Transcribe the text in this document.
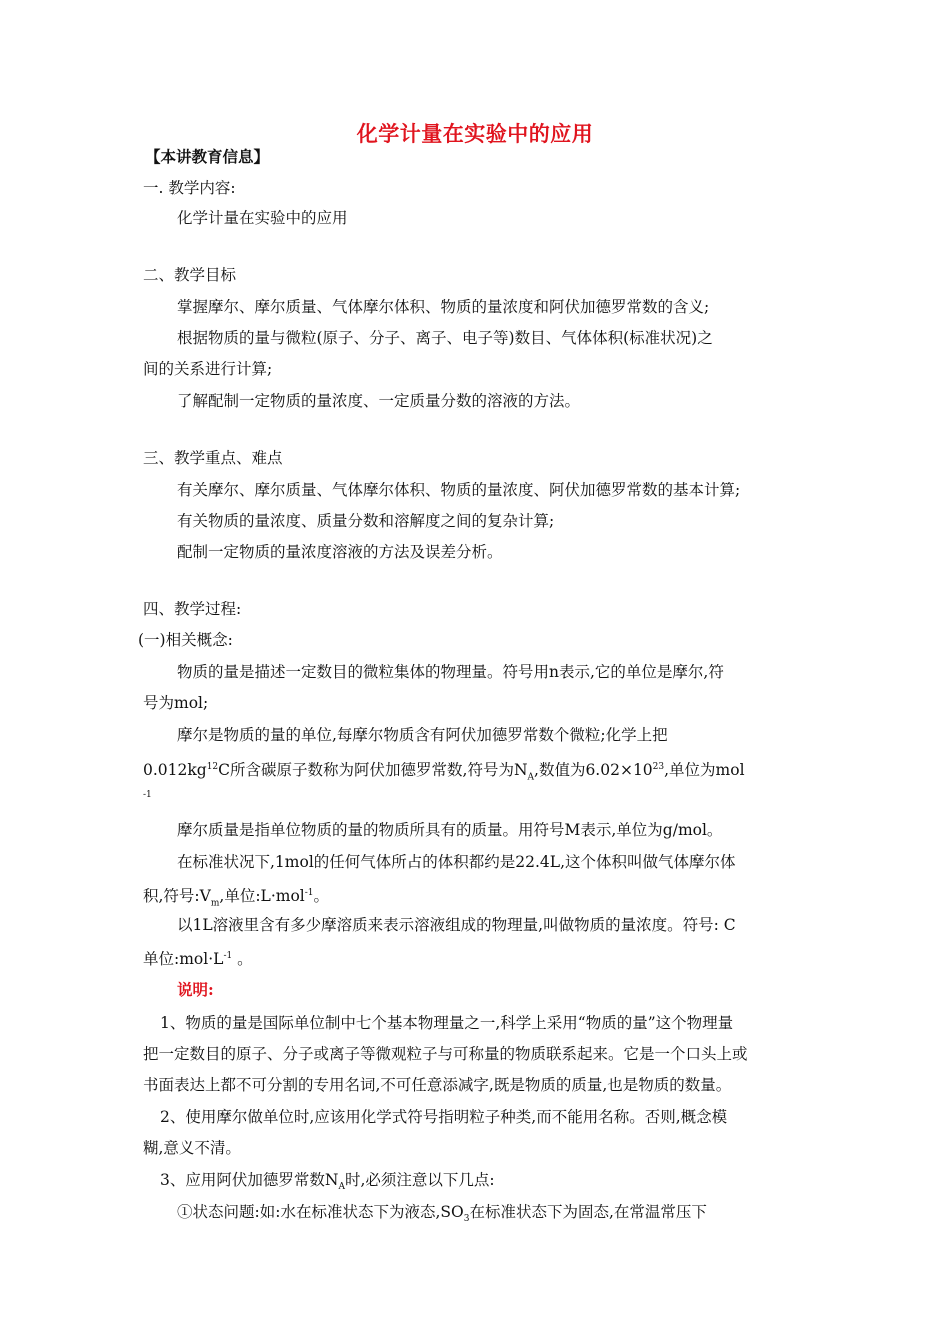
化学计量在实验中的应用
【本讲教育信息】
一. 教学内容:
化学计量在实验中的应用
二、教学目标
掌握摩尔、摩尔质量、气体摩尔体积、物质的量浓度和阿伏加德罗常数的含义;
根据物质的量与微粒(原子、分子、离子、电子等)数目、气体体积(标准状况)之
间的关系进行计算;
了解配制一定物质的量浓度、一定质量分数的溶液的方法。
三、教学重点、难点
有关摩尔、摩尔质量、气体摩尔体积、物质的量浓度、阿伏加德罗常数的基本计算;
有关物质的量浓度、质量分数和溶解度之间的复杂计算;
配制一定物质的量浓度溶液的方法及误差分析。
四、教学过程:
(一)相关概念:
物质的量是描述一定数目的微粒集体的物理量。符号用n表示,它的单位是摩尔,符
号为mol;
摩尔是物质的量的单位,每摩尔物质含有阿伏加德罗常数个微粒;化学上把
$0.012kg^{12}C$所含碳原子数称为阿伏加德罗常数,符号为$N_A$,数值为$6.02\times 10^{23}$,单位为mol
-1
摩尔质量是指单位物质的量的物质所具有的质量。用符号M表示,单位为g/mol。
在标准状况下,1mol的任何气体所占的体积都约是22.4L,这个体积叫做气体摩尔体
积,符号$:V_m$,单位:L·mol$^{-1}$。
以1L溶液里含有多少摩溶质来表示溶液组成的物理量,叫做物质的量浓度。符号: C
单位$:mol\cdot L^{-1}$ 。
说明:
1、物质的量是国际单位制中七个基本物理量之一,科学上采用“物质的量”这个物理量
把一定数目的原子、分子或离子等微观粒子与可称量的物质联系起来。它是一个口头上或
书面表达上都不可分割的专用名词,不可任意添减字,既是物质的质量,也是物质的数量。
2、使用摩尔做单位时,应该用化学式符号指明粒子种类,而不能用名称。否则,概念模
糊,意义不清。
3、应用阿伏加德罗常数$N_A$时,必须注意以下几点:
①状态问题:如:水在标准状态下为液态$,SO_3$在标准状态下为固态,在常温常压下
